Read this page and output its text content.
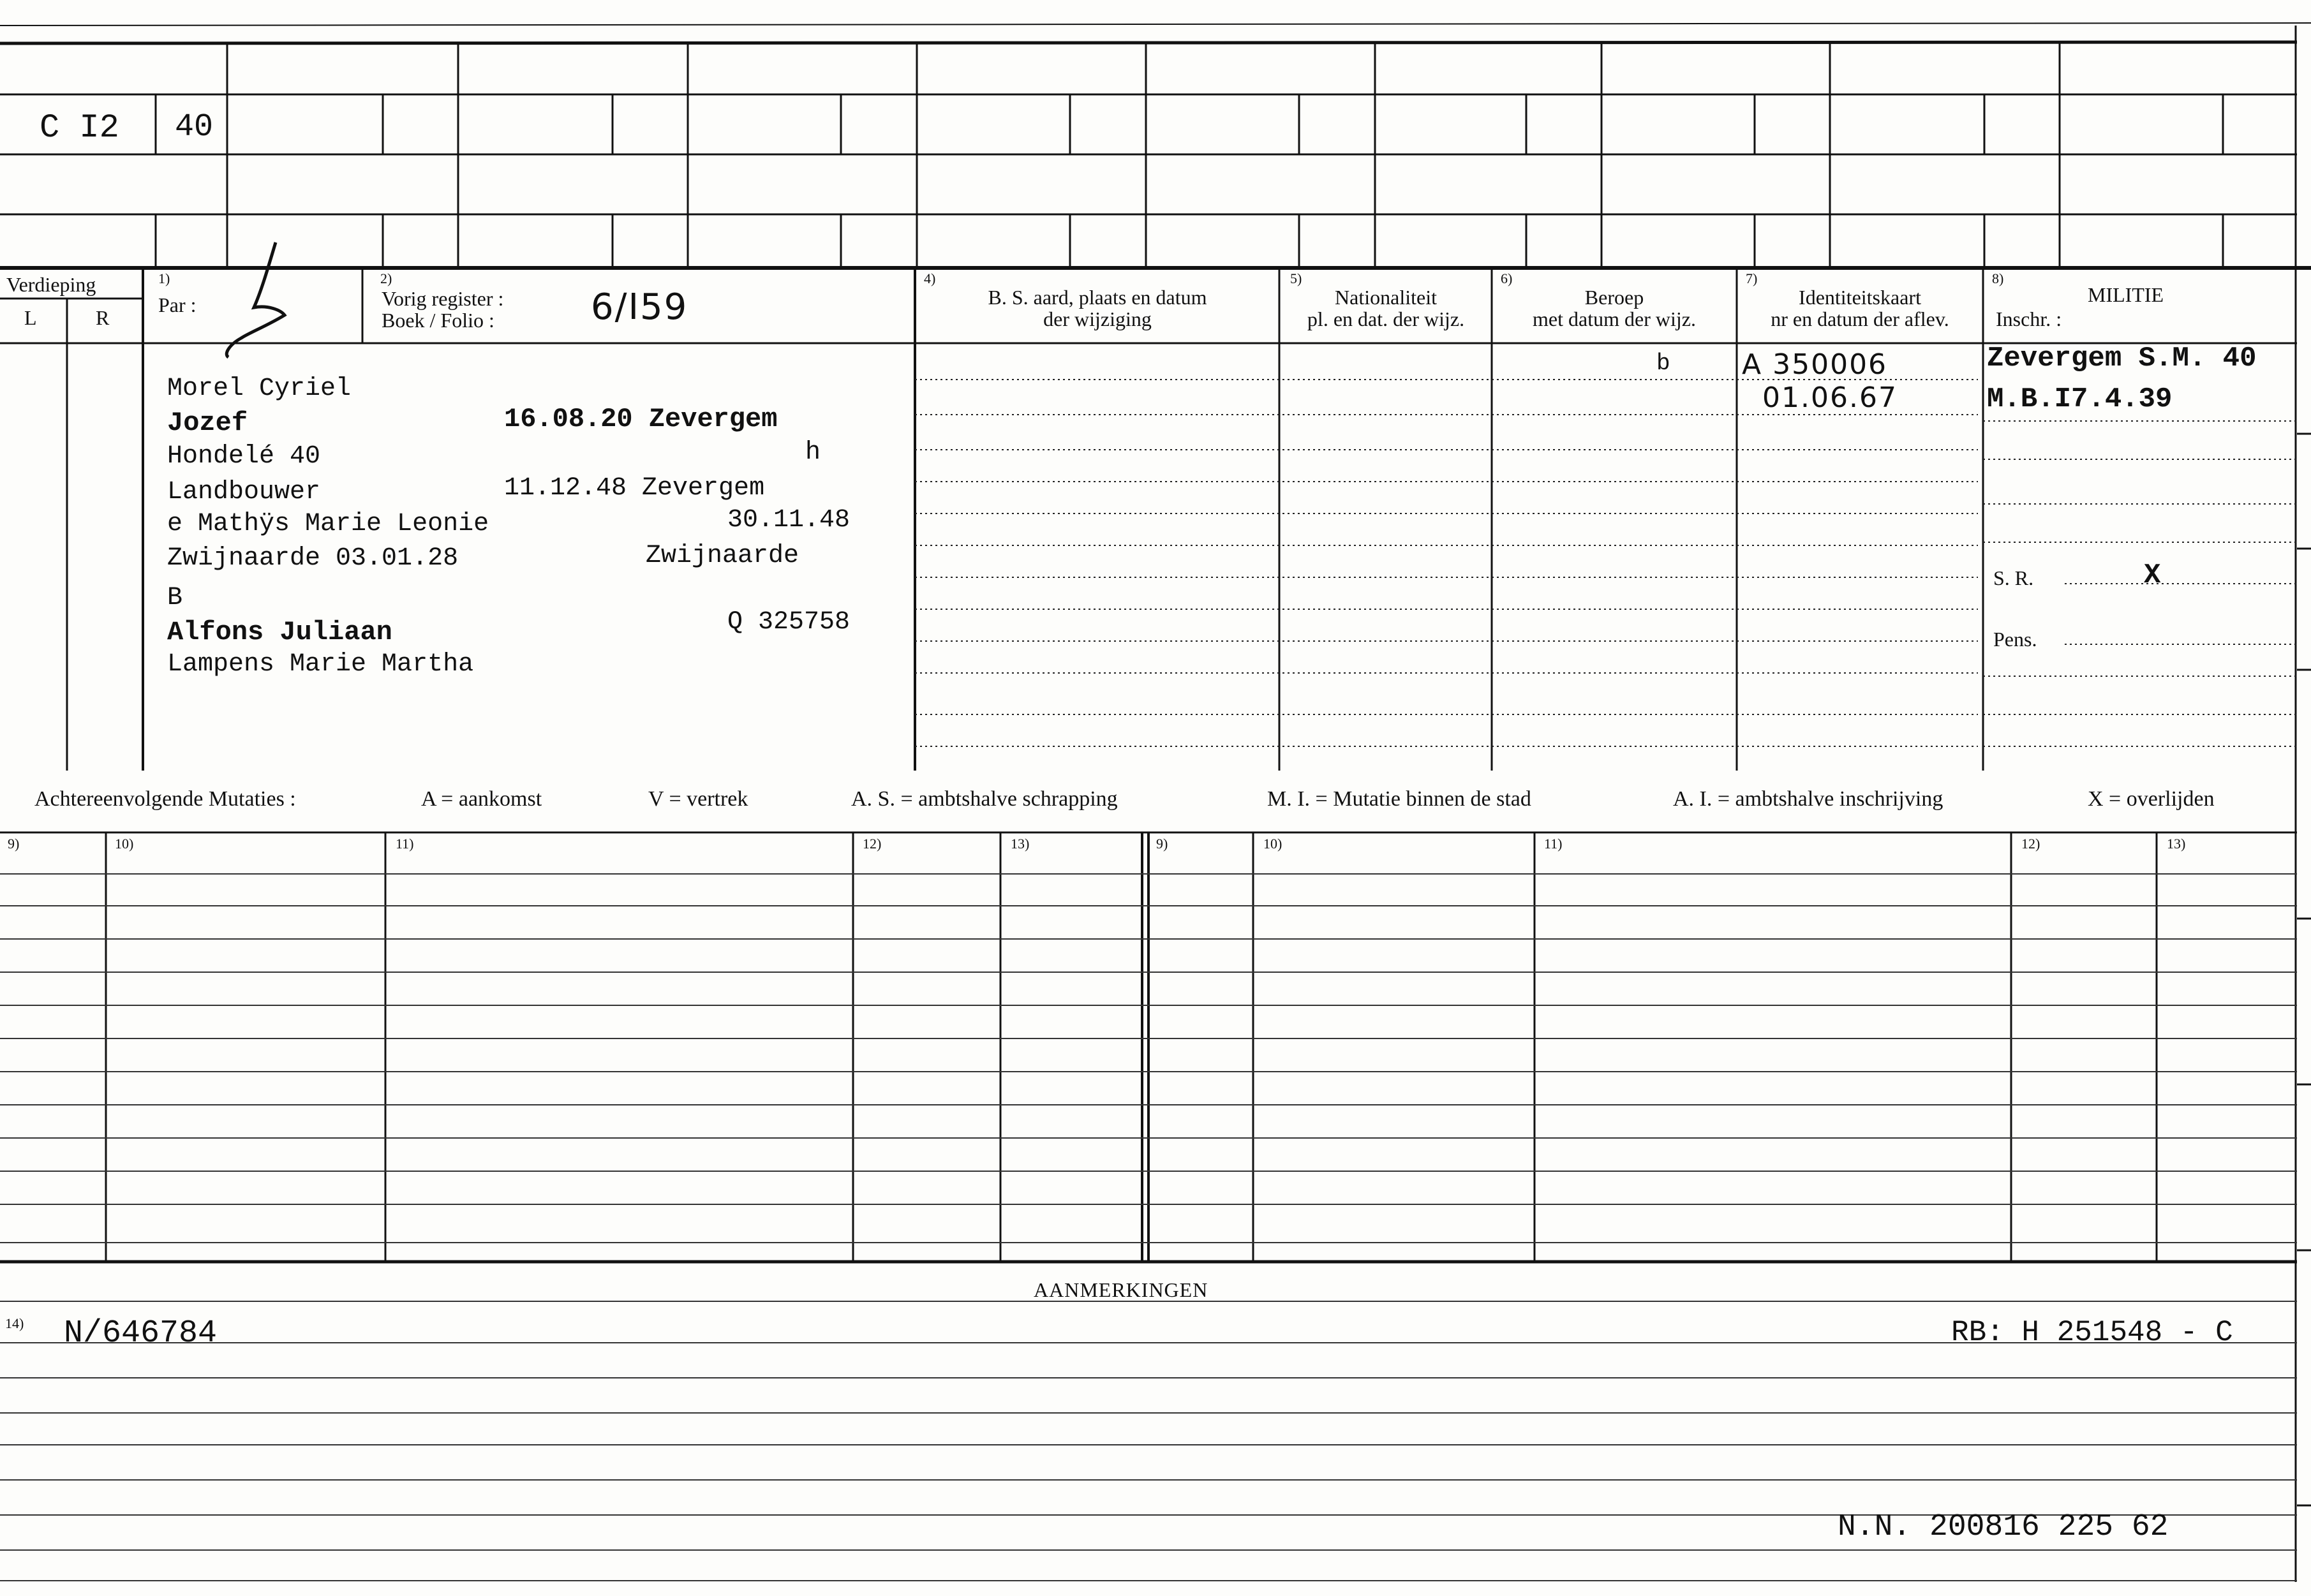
C I2 40
Verdieping
L	R
1)
Par :
2)
Vorig register :
Boek / Folio :	6/I59
4)
B. S. aard, plaats en datum
der wijziging
5)
Nationaliteit
pl. en dat. der wijz.
6)
Beroep
met datum der wijz.
7)
Identiteitskaart
nr en datum der aflev.
8)
MILITIE
Inschr. :
Morel Cyriel
Jozef	16.08.20 Zevergem
Hondelé 40	h
Landbouwer	11.12.48 Zevergem
e Mathÿs Marie Leonie	30.11.48
Zwijnaarde 03.01.28	Zwijnaarde
B
Alfons Juliaan	Q 325758
Lampens Marie Martha
b	A 350006
01.06.67
Zevergem S.M. 40
M.B.I7.4.39
S. R.	X
Pens.
Achtereenvolgende Mutaties :	A = aankomst	V = vertrek	A. S. = ambtshalve schrapping	M. I. = Mutatie binnen de stad	A. I. = ambtshalve inschrijving	X = overlijden
9)	10)	11)	12)	13)	9)	10)	11)	12)	13)
AANMERKINGEN
14) N/646784	RB: H 251548 - C
N.N. 200816 225 62
